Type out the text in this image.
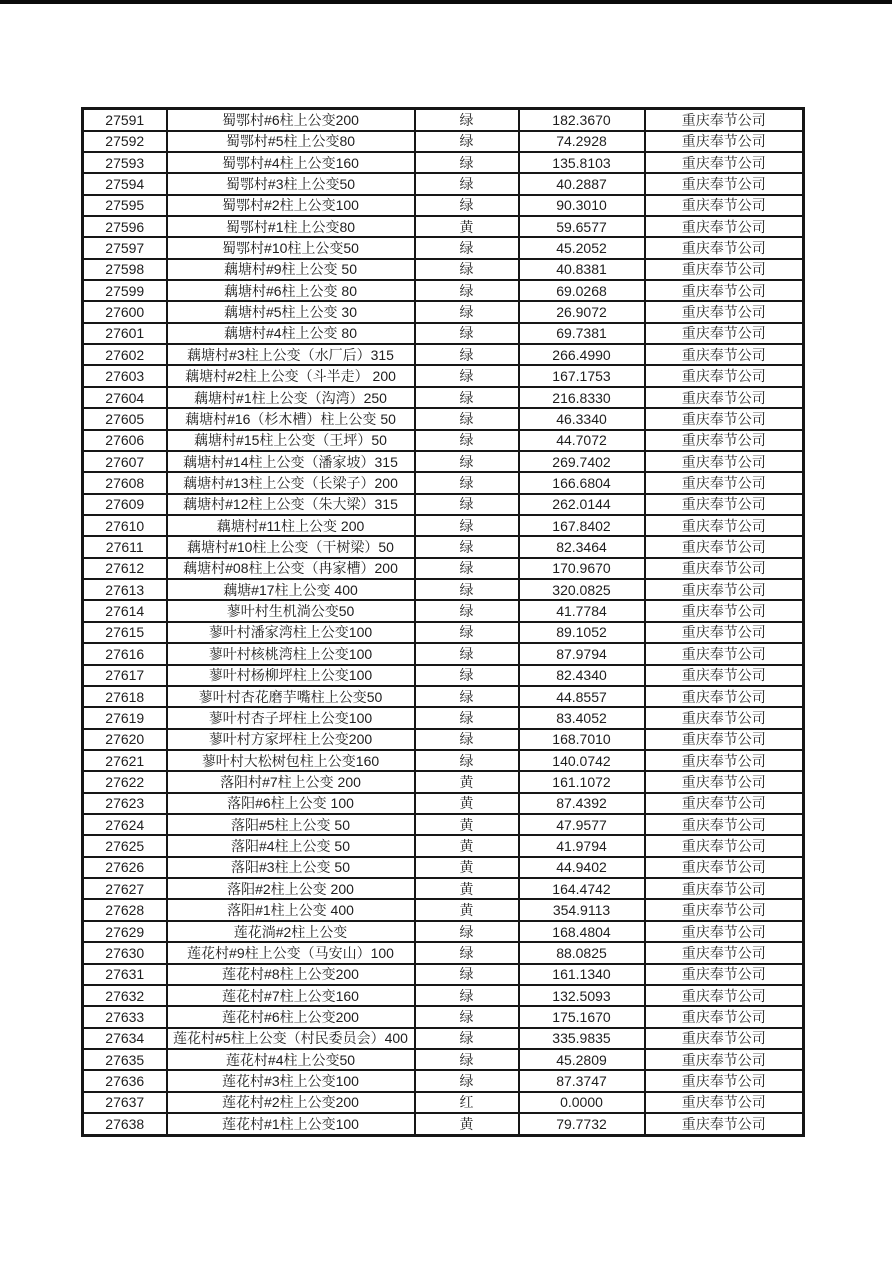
27591	蜀鄂村#6柱上公变200	绿	182.3670	重庆奉节公司
27592	蜀鄂村#5柱上公变80	绿	74.2928	重庆奉节公司
27593	蜀鄂村#4柱上公变160	绿	135.8103	重庆奉节公司
27594	蜀鄂村#3柱上公变50	绿	40.2887	重庆奉节公司
27595	蜀鄂村#2柱上公变100	绿	90.3010	重庆奉节公司
27596	蜀鄂村#1柱上公变80	黄	59.6577	重庆奉节公司
27597	蜀鄂村#10柱上公变50	绿	45.2052	重庆奉节公司
27598	藕塘村#9柱上公变 50	绿	40.8381	重庆奉节公司
27599	藕塘村#6柱上公变 80	绿	69.0268	重庆奉节公司
27600	藕塘村#5柱上公变 30	绿	26.9072	重庆奉节公司
27601	藕塘村#4柱上公变 80	绿	69.7381	重庆奉节公司
27602	藕塘村#3柱上公变（水厂后）315	绿	266.4990	重庆奉节公司
27603	藕塘村#2柱上公变（斗半走） 200	绿	167.1753	重庆奉节公司
27604	藕塘村#1柱上公变（沟湾）250	绿	216.8330	重庆奉节公司
27605	藕塘村#16（杉木槽）柱上公变 50	绿	46.3340	重庆奉节公司
27606	藕塘村#15柱上公变（王坪）50	绿	44.7072	重庆奉节公司
27607	藕塘村#14柱上公变（潘家坡）315	绿	269.7402	重庆奉节公司
27608	藕塘村#13柱上公变（长梁子）200	绿	166.6804	重庆奉节公司
27609	藕塘村#12柱上公变（朱大梁）315	绿	262.0144	重庆奉节公司
27610	藕塘村#11柱上公变 200	绿	167.8402	重庆奉节公司
27611	藕塘村#10柱上公变（干树梁）50	绿	82.3464	重庆奉节公司
27612	藕塘村#08柱上公变（冉家槽）200	绿	170.9670	重庆奉节公司
27613	藕塘#17柱上公变 400	绿	320.0825	重庆奉节公司
27614	蓼叶村生机淌公变50	绿	41.7784	重庆奉节公司
27615	蓼叶村潘家湾柱上公变100	绿	89.1052	重庆奉节公司
27616	蓼叶村核桃湾柱上公变100	绿	87.9794	重庆奉节公司
27617	蓼叶村杨柳坪柱上公变100	绿	82.4340	重庆奉节公司
27618	蓼叶村杏花磨芋嘴柱上公变50	绿	44.8557	重庆奉节公司
27619	蓼叶村杏子坪柱上公变100	绿	83.4052	重庆奉节公司
27620	蓼叶村方家坪柱上公变200	绿	168.7010	重庆奉节公司
27621	蓼叶村大松树包柱上公变160	绿	140.0742	重庆奉节公司
27622	落阳村#7柱上公变 200	黄	161.1072	重庆奉节公司
27623	落阳#6柱上公变 100	黄	87.4392	重庆奉节公司
27624	落阳#5柱上公变 50	黄	47.9577	重庆奉节公司
27625	落阳#4柱上公变 50	黄	41.9794	重庆奉节公司
27626	落阳#3柱上公变 50	黄	44.9402	重庆奉节公司
27627	落阳#2柱上公变 200	黄	164.4742	重庆奉节公司
27628	落阳#1柱上公变 400	黄	354.9113	重庆奉节公司
27629	莲花淌#2柱上公变	绿	168.4804	重庆奉节公司
27630	莲花村#9柱上公变（马安山）100	绿	88.0825	重庆奉节公司
27631	莲花村#8柱上公变200	绿	161.1340	重庆奉节公司
27632	莲花村#7柱上公变160	绿	132.5093	重庆奉节公司
27633	莲花村#6柱上公变200	绿	175.1670	重庆奉节公司
27634	莲花村#5柱上公变（村民委员会）400	绿	335.9835	重庆奉节公司
27635	莲花村#4柱上公变50	绿	45.2809	重庆奉节公司
27636	莲花村#3柱上公变100	绿	87.3747	重庆奉节公司
27637	莲花村#2柱上公变200	红	0.0000	重庆奉节公司
27638	莲花村#1柱上公变100	黄	79.7732	重庆奉节公司
